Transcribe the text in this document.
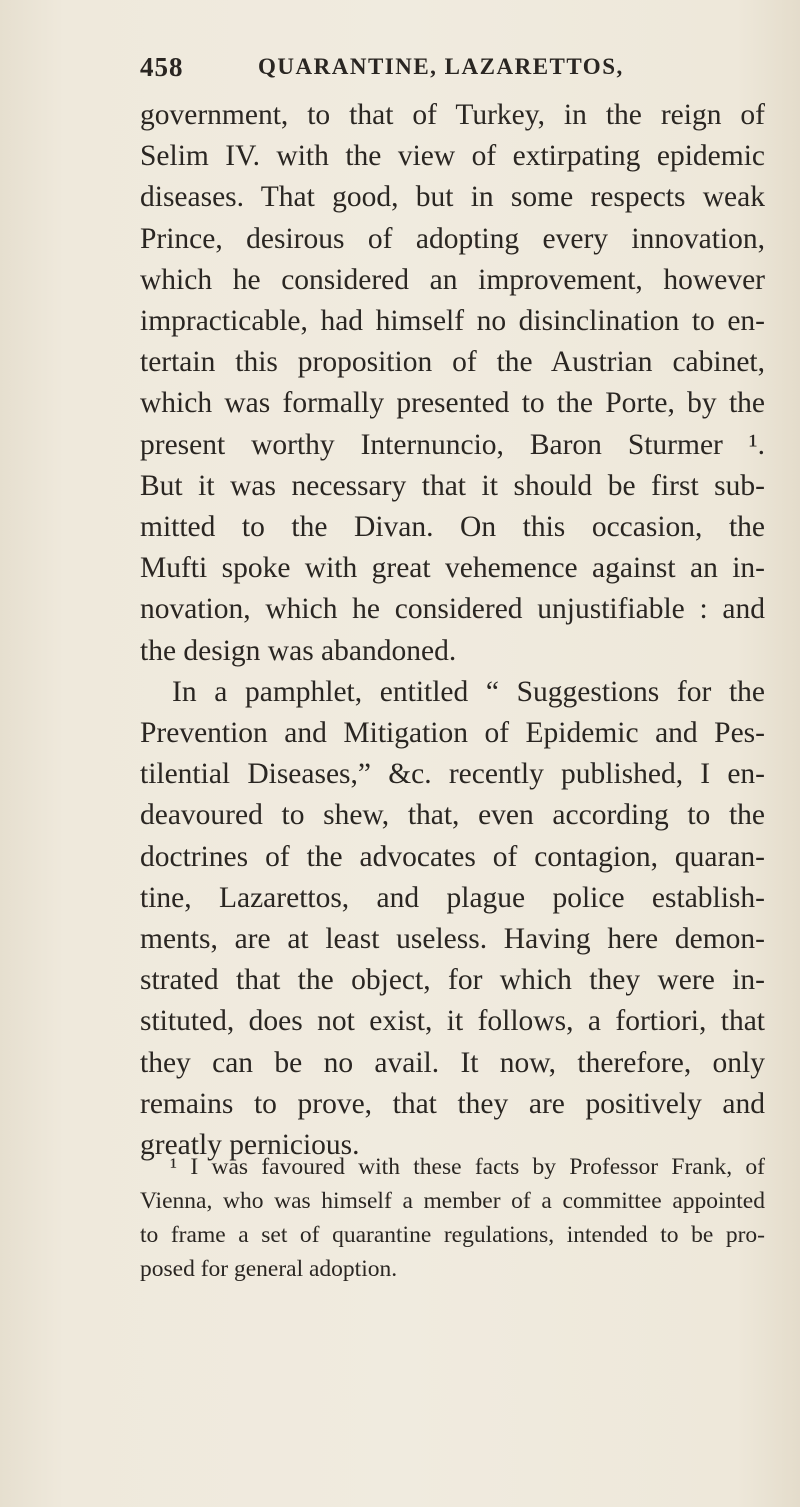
458	QUARANTINE, LAZARETTOS,
government, to that of Turkey, in the reign of
Selim IV. with the view of extirpating epidemic
diseases. That good, but in some respects weak
Prince, desirous of adopting every innovation,
which he considered an improvement, however
impracticable, had himself no disinclination to en-
tertain this proposition of the Austrian cabinet,
which was formally presented to the Porte, by the
present worthy Internuncio, Baron Sturmer ¹.
But it was necessary that it should be first sub-
mitted to the Divan. On this occasion, the
Mufti spoke with great vehemence against an in-
novation, which he considered unjustifiable : and
the design was abandoned.
In a pamphlet, entitled “ Suggestions for the
Prevention and Mitigation of Epidemic and Pes-
tilential Diseases,” &c. recently published, I en-
deavoured to shew, that, even according to the
doctrines of the advocates of contagion, quaran-
tine, Lazarettos, and plague police establish-
ments, are at least useless. Having here demon-
strated that the object, for which they were in-
stituted, does not exist, it follows, a fortiori, that
they can be no avail. It now, therefore, only
remains to prove, that they are positively and
greatly pernicious.
¹ I was favoured with these facts by Professor Frank, of
Vienna, who was himself a member of a committee appointed
to frame a set of quarantine regulations, intended to be pro-
posed for general adoption.
